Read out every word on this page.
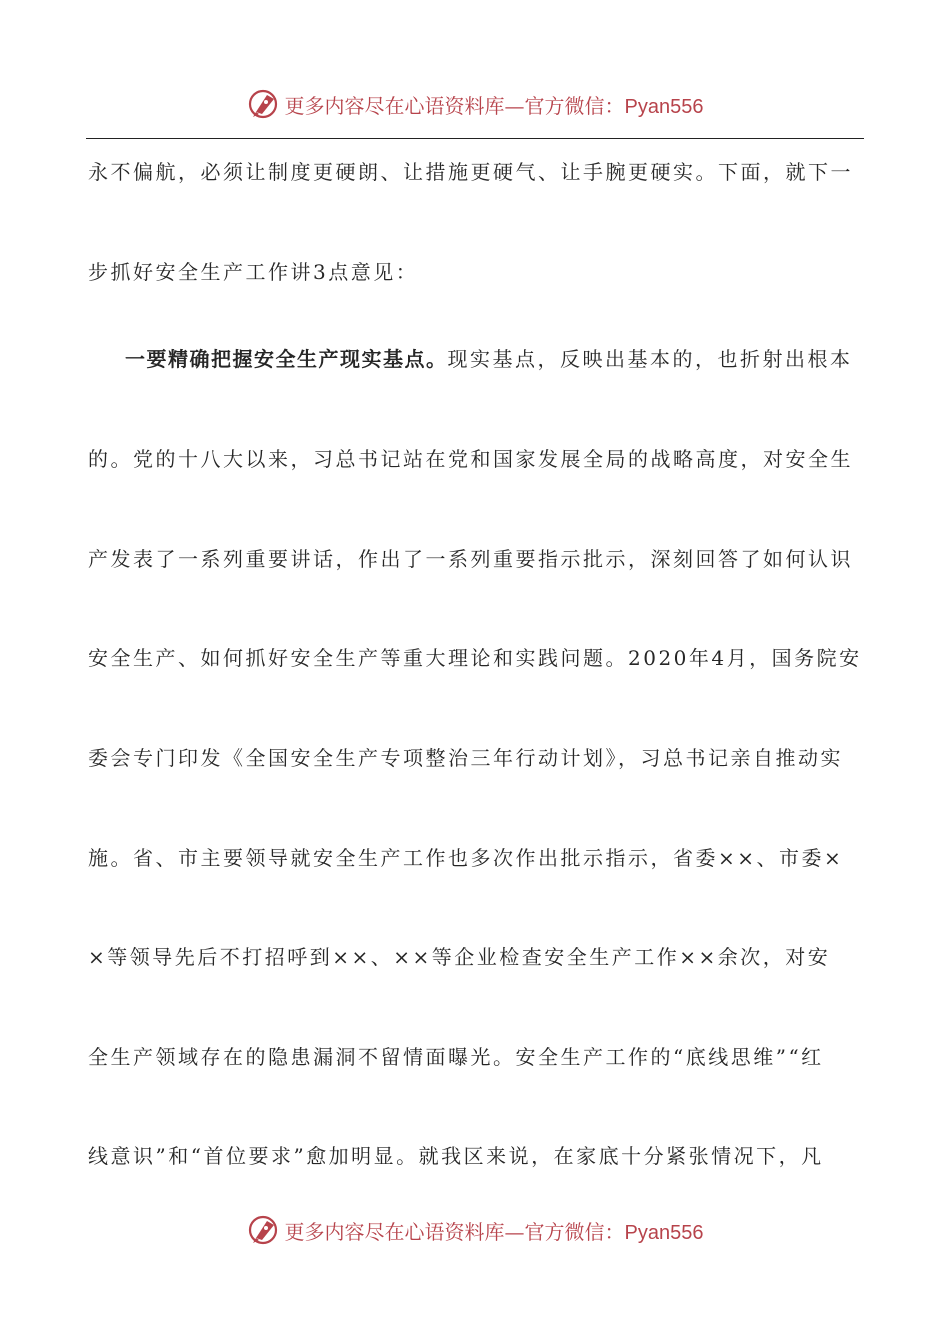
更多内容尽在心语资料库—官方微信：Pyan556
永不偏航，必须让制度更硬朗、让措施更硬气、让手腕更硬实。下面，就下一
步抓好安全生产工作讲3点意见：
一要精确把握安全生产现实基点。现实基点，反映出基本的，也折射出根本
的。党的十八大以来，习总书记站在党和国家发展全局的战略高度，对安全生
产发表了一系列重要讲话，作出了一系列重要指示批示，深刻回答了如何认识
安全生产、如何抓好安全生产等重大理论和实践问题。2020年4月，国务院安
委会专门印发《全国安全生产专项整治三年行动计划》，习总书记亲自推动实
施。省、市主要领导就安全生产工作也多次作出批示指示，省委××、市委×
×等领导先后不打招呼到××、××等企业检查安全生产工作××余次，对安
全生产领域存在的隐患漏洞不留情面曝光。安全生产工作的“底线思维”“红
线意识”和“首位要求”愈加明显。就我区来说，在家底十分紧张情况下，凡
更多内容尽在心语资料库—官方微信：Pyan556
